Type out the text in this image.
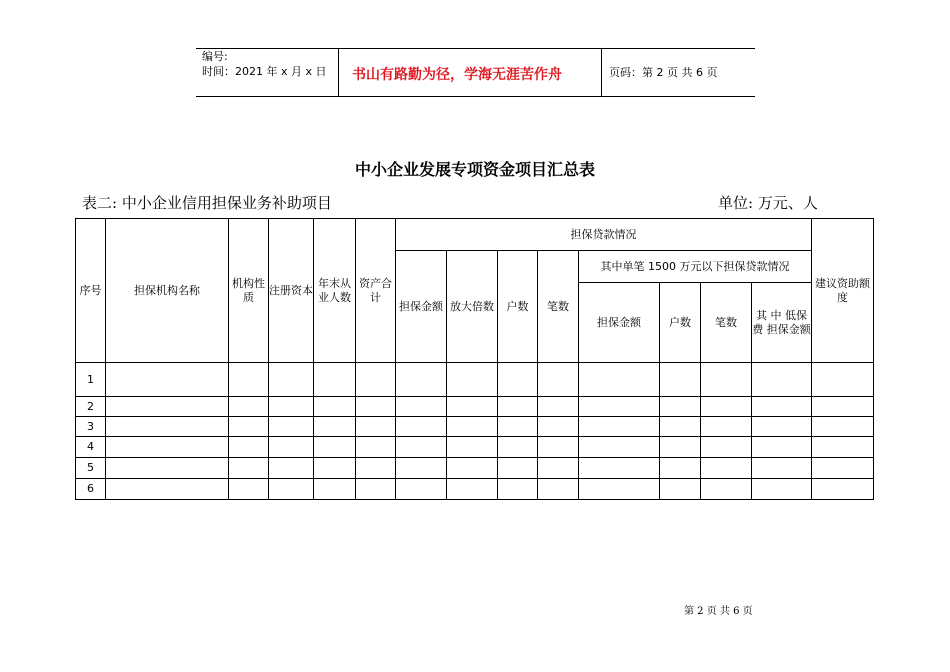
编号:
时间：2021 年 x 月 x 日 书山有路勤为径，学海无涯苦作舟	页码：第 2 页 共 6 页
中小企业发展专项资金项目汇总表
表二: 中小企业信用担保业务补助项目	单位: 万元、人
序号	担保机构名称	机构性质	注册资本	年末从业人数	资产合计	担保贷款情况								建议资助额度
						担保金额	放大倍数	户数	笔数	其中单笔 1500 万元以下担保贷款情况				
										担保金额	户数	笔数	其 中 低保 费 担保金额	
1														
2														
3														
4														
5														
6														
第 2 页 共 6 页
